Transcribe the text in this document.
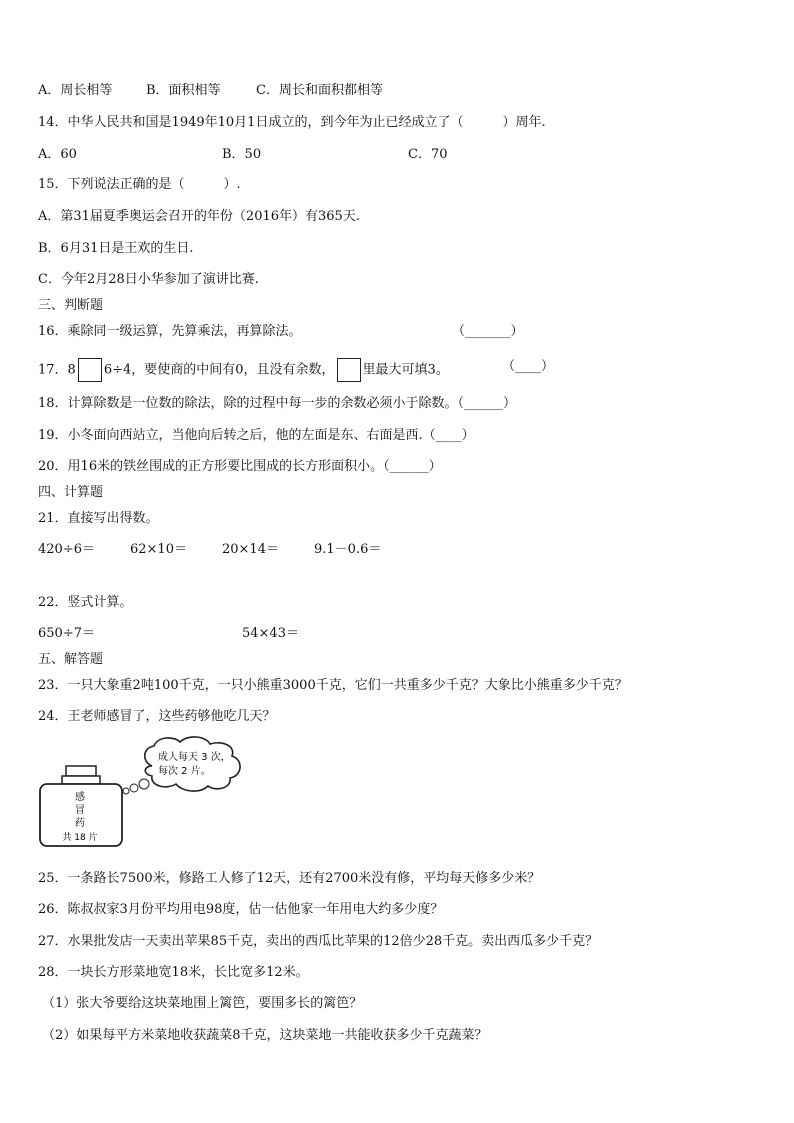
A．周长相等	B．面积相等	C．周长和面积都相等
14．中华人民共和国是1949年10月1日成立的，到今年为止已经成立了（　　　）周年.
A．60	B．50	C．70
15．下列说法正确的是（　　　）.
A．第31届夏季奥运会召开的年份（2016年）有365天.
B．6月31日是王欢的生日.
C．今年2月28日小华参加了演讲比赛.
三、判断题
16．乘除同一级运算，先算乘法，再算除法。	（_______）
17．8 6÷4，要使商的中间有0，且没有余数， 里最大可填3。	（____）
18．计算除数是一位数的除法，除的过程中每一步的余数必须小于除数。（______）
19．小冬面向西站立，当他向后转之后，他的左面是东、右面是西.（____）
20．用16米的铁丝围成的正方形要比围成的长方形面积小。（______）
四、计算题
21．直接写出得数。
420÷6＝	62×10＝	20×14＝	9.1－0.6＝
22．竖式计算。
650÷7＝	54×43＝
五、解答题
23．一只大象重2吨100千克，一只小熊重3000千克，它们一共重多少千克？大象比小熊重多少千克？
24．王老师感冒了，这些药够他吃几天？
感
冒
药
共 18 片
成人每天 3 次，
每次 2 片。
25．一条路长7500米，修路工人修了12天，还有2700米没有修，平均每天修多少米？
26．陈叔叔家3月份平均用电98度，估一估他家一年用电大约多少度？
27．水果批发店一天卖出苹果85千克，卖出的西瓜比苹果的12倍少28千克。卖出西瓜多少千克？
28．一块长方形菜地宽18米，长比宽多12米。
（1）张大爷要给这块菜地围上篱笆，要围多长的篱笆？
（2）如果每平方米菜地收获蔬菜8千克，这块菜地一共能收获多少千克蔬菜？
